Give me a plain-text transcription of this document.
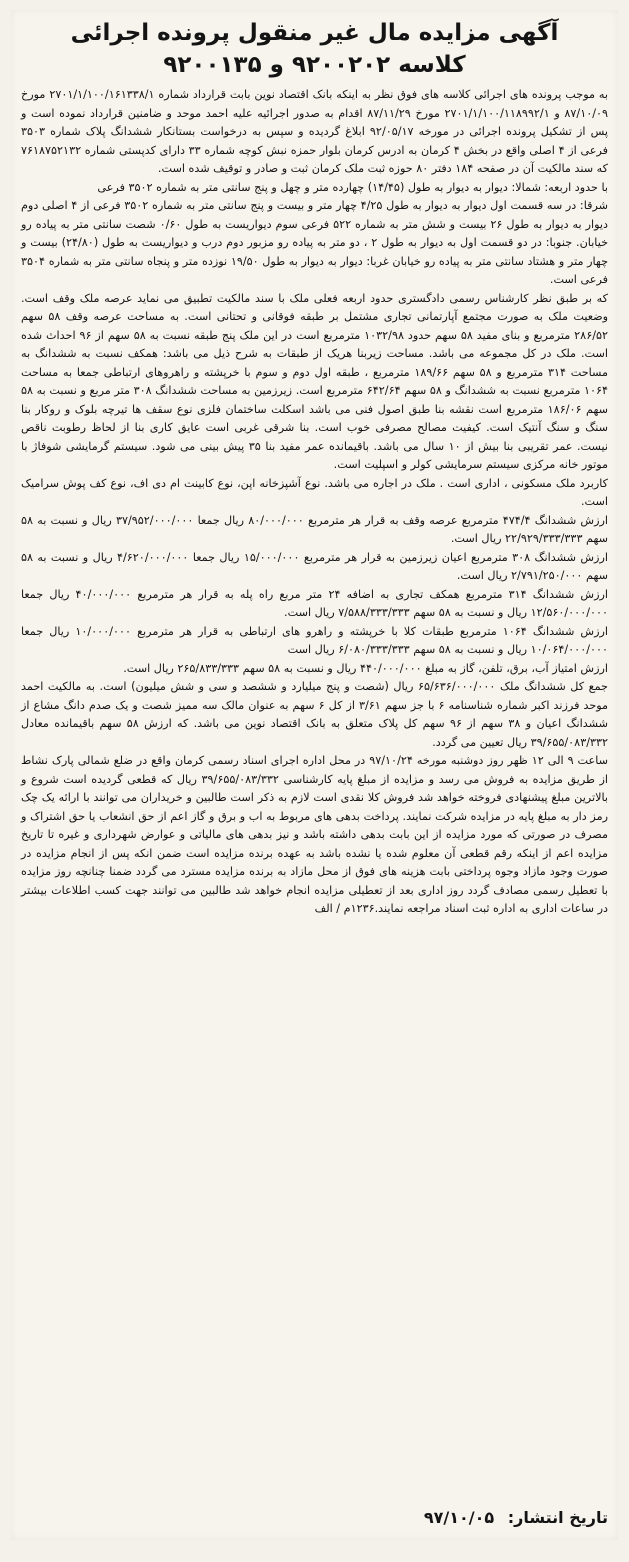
آگهی مزایده مال غیر منقول پرونده اجرائی
کلاسه ۹۲۰۰۲۰۲ و ۹۲۰۰۱۳۵

به موجب پرونده های اجرائی کلاسه های فوق نظر به اینکه بانک اقتصاد نوین بابت قرارداد شماره ۲۷۰۱/۱/۱۰۰/۱۶۱۳۳۸/۱ مورخ ۸۷/۱۰/۰۹ و ۲۷۰۱/۱/۱۰۰/۱۱۸۹۹۲/۱ مورخ ۸۷/۱۱/۲۹ اقدام به صدور اجرائیه علیه احمد موحد و ضامنین قرارداد نموده است و پس از تشکیل پرونده اجرائی در مورخه ۹۲/۰۵/۱۷ ابلاغ گردیده و سپس به درخواست بستانکار ششدانگ پلاک شماره ۳۵۰۳ فرعی از ۴ اصلی واقع در بخش ۴ کرمان به ادرس کرمان بلوار حمزه نبش کوچه شماره ۳۳ دارای کدپستی شماره ۷۶۱۸۷۵۲۱۳۲ که سند مالکیت آن در صفحه ۱۸۴ دفتر ۸۰ حوزه ثبت ملک کرمان ثبت و صادر و توقیف شده است.

با حدود اربعه: شمالا: دیوار به دیوار به طول (۱۴/۴۵) چهارده متر و چهل و پنج سانتی متر به شماره ۳۵۰۲ فرعی

شرقا: در سه قسمت اول دیوار به دیوار به طول ۴/۲۵ چهار متر و بیست و پنج سانتی متر به شماره ۳۵۰۲ فرعی از ۴ اصلی دوم دیوار به دیوار به طول ۲۶ بیست و شش متر به شماره ۵۲۲ فرعی سوم دیواریست به طول ۰/۶۰ شصت سانتی متر به پیاده رو خیابان. جنوبا: در دو قسمت اول به دیوار به طول ۲ ، دو متر به پیاده رو مزبور دوم درب و دیواریست به طول (۲۴/۸۰) بیست و چهار متر و هشتاد سانتی متر به پیاده رو خیابان غربا: دیوار به دیوار به طول ۱۹/۵۰ نوزده متر و پنجاه سانتی متر به شماره ۳۵۰۴ فرعی است.

که بر طبق نظر کارشناس رسمی دادگستری حدود اربعه فعلی ملک با سند مالکیت تطبیق می نماید عرصه ملک وقف است. وضعیت ملک به صورت مجتمع آپارتمانی تجاری مشتمل بر طبقه فوقانی و تحتانی است. به مساحت عرصه وقف ۵۸ سهم ۲۸۶/۵۲ مترمربع و بنای مفید ۵۸ سهم حدود ۱۰۳۲/۹۸ مترمربع است در این ملک پنج طبقه نسبت به ۵۸ سهم از ۹۶ احداث شده است. ملک در کل مجموعه می باشد. مساحت زیربنا هریک از طبقات به شرح ذیل می باشد: همکف نسبت به ششدانگ به مساحت ۳۱۴ مترمربع و ۵۸ سهم ۱۸۹/۶۶ مترمربع ، طبقه اول دوم و سوم با خرپشته و راهروهای ارتباطی جمعا به مساحت ۱۰۶۴ مترمربع نسبت به ششدانگ و ۵۸ سهم ۶۴۲/۶۴ مترمربع است. زیرزمین به مساحت ششدانگ ۳۰۸ متر مربع و نسبت به ۵۸ سهم ۱۸۶/۰۶ مترمربع است نقشه بنا طبق اصول فنی می باشد اسکلت ساختمان فلزی نوع سقف ها تیرچه بلوک و روکار بنا سنگ و سنگ آنتیک است. کیفیت مصالح مصرفی خوب است. بنا شرقی غربی است عایق کاری بنا از لحاظ رطوبت ناقص نیست. عمر تقریبی بنا بیش از ۱۰ سال می باشد. باقیمانده عمر مفید بنا ۳۵ پیش بینی می شود. سیستم گرمایشی شوفاژ با موتور خانه مرکزی سیستم سرمایشی کولر و اسپلیت است.

کاربرد ملک مسکونی ، اداری است . ملک در اجاره می باشد. نوع آشپزخانه اپن، نوع کابینت ام دی اف، نوع کف پوش سرامیک است.

ارزش ششدانگ ۴۷۴/۴ مترمربع عرصه وقف به قرار هر مترمربع ۸۰/۰۰۰/۰۰۰ ریال جمعا ۳۷/۹۵۲/۰۰۰/۰۰۰ ریال و نسبت به ۵۸ سهم ۲۲/۹۲۹/۳۳۳/۳۳۳ ریال است.

ارزش ششدانگ ۳۰۸ مترمربع اعیان زیرزمین به قرار هر مترمربع ۱۵/۰۰۰/۰۰۰ ریال جمعا ۴/۶۲۰/۰۰۰/۰۰۰ ریال و نسبت به ۵۸ سهم ۲/۷۹۱/۲۵۰/۰۰۰ ریال است.

ارزش ششدانگ ۳۱۴ مترمربع همکف تجاری به اضافه ۲۴ متر مربع راه پله به قرار هر مترمربع ۴۰/۰۰۰/۰۰۰ ریال جمعا ۱۲/۵۶۰/۰۰۰/۰۰۰ ریال و نسبت به ۵۸ سهم ۷/۵۸۸/۳۳۳/۳۳۳ ریال است.

ارزش ششدانگ ۱۰۶۴ مترمربع طبقات کلا با خرپشته و راهرو های ارتباطی به قرار هر مترمربع ۱۰/۰۰۰/۰۰۰ ریال جمعا ۱۰/۰۶۴/۰۰۰/۰۰۰ ریال و نسبت به ۵۸ سهم ۶/۰۸۰/۳۳۳/۳۳۳ ریال است

ارزش امتیاز آب، برق، تلفن، گاز به مبلغ ۴۴۰/۰۰۰/۰۰۰ ریال و نسبت به ۵۸ سهم ۲۶۵/۸۳۳/۳۳۳ ریال است.

جمع کل ششدانگ ملک ۶۵/۶۳۶/۰۰۰/۰۰۰ ریال (شصت و پنج میلیارد و ششصد و سی و شش میلیون) است. به مالکیت احمد موحد فرزند اکبر شماره شناسنامه ۶ با جز سهم ۳/۶۱ از کل ۶ سهم به عنوان مالک سه ممیز شصت و یک صدم دانگ مشاع از ششدانگ اعیان و ۳۸ سهم از ۹۶ سهم کل پلاک متعلق به بانک اقتصاد نوین می باشد. که ارزش ۵۸ سهم باقیمانده معادل ۳۹/۶۵۵/۰۸۳/۳۳۲ ریال تعیین می گردد.

ساعت ۹ الی ۱۲ ظهر روز دوشنبه مورخه ۹۷/۱۰/۲۴ در محل اداره اجرای اسناد رسمی کرمان واقع در ضلع شمالی پارک نشاط از طریق مزایده به فروش می رسد و مزایده از مبلغ پایه کارشناسی ۳۹/۶۵۵/۰۸۳/۳۳۲ ریال که قطعی گردیده است شروع و بالاترین مبلغ پیشنهادی فروخته خواهد شد فروش کلا نقدی است لازم به ذکر است طالبین و خریداران می توانند با ارائه یک چک رمز دار به مبلغ پایه در مزایده شرکت نمایند. پرداخت بدهی های مربوط به اب و برق و گاز اعم از حق انشعاب یا حق اشتراک و مصرف در صورتی که مورد مزایده از این بابت بدهی داشته باشد و نیز بدهی های مالیاتی و عوارض شهرداری و غیره تا تاریخ مزایده اعم از اینکه رقم قطعی آن معلوم شده یا نشده باشد به عهده برنده مزایده است ضمن انکه پس از انجام مزایده در صورت وجود مازاد وجوه پرداختی بابت هزینه های فوق از محل مازاد به برنده مزایده مسترد می گردد ضمنا چنانچه روز مزایده با تعطیل رسمی مصادف گردد روز اداری بعد از تعطیلی مزایده انجام خواهد شد طالبین می توانند جهت کسب اطلاعات بیشتر در ساعات اداری به اداره ثبت اسناد مراجعه نمایند.۱۲۳۶م / الف

تاریخ انتشار: ۹۷/۱۰/۰۵
